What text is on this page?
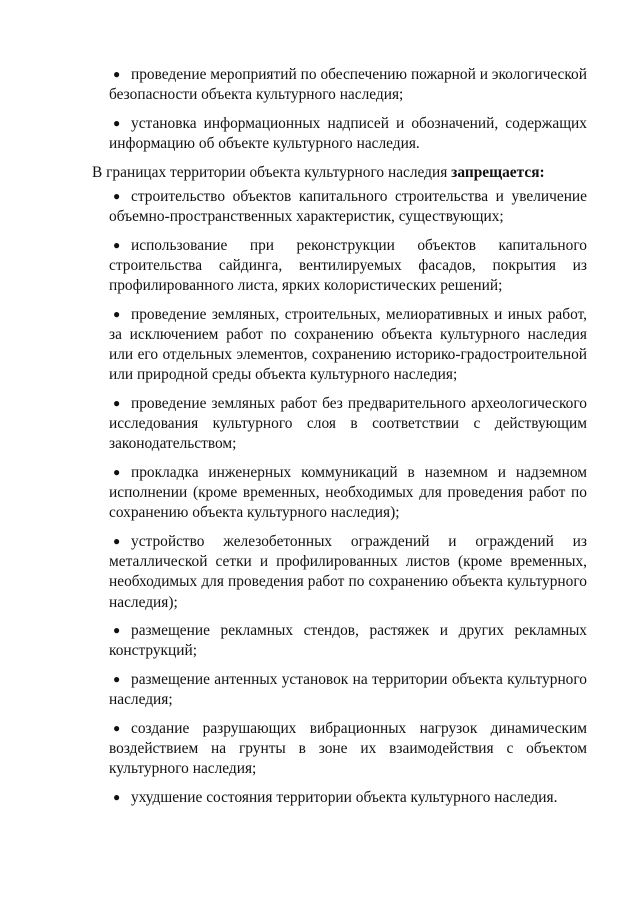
● проведение мероприятий по обеспечению пожарной и экологической безопасности объекта культурного наследия;

● установка информационных надписей и обозначений, содержащих информацию об объекте культурного наследия.

В границах территории объекта культурного наследия запрещается:

● строительство объектов капитального строительства и увеличение объемно-пространственных характеристик, существующих;

● использование при реконструкции объектов капитального строительства сайдинга, вентилируемых фасадов, покрытия из профилированного листа, ярких колористических решений;

● проведение земляных, строительных, мелиоративных и иных работ, за исключением работ по сохранению объекта культурного наследия или его отдельных элементов, сохранению историко-градостроительной или природной среды объекта культурного наследия;

● проведение земляных работ без предварительного археологического исследования культурного слоя в соответствии с действующим законодательством;

● прокладка инженерных коммуникаций в наземном и надземном исполнении (кроме временных, необходимых для проведения работ по сохранению объекта культурного наследия);

● устройство железобетонных ограждений и ограждений из металлической сетки и профилированных листов (кроме временных, необходимых для проведения работ по сохранению объекта культурного наследия);

● размещение рекламных стендов, растяжек и других рекламных конструкций;

● размещение антенных установок на территории объекта культурного наследия;

● создание разрушающих вибрационных нагрузок динамическим воздействием на грунты в зоне их взаимодействия с объектом культурного наследия;

● ухудшение состояния территории объекта культурного наследия.
